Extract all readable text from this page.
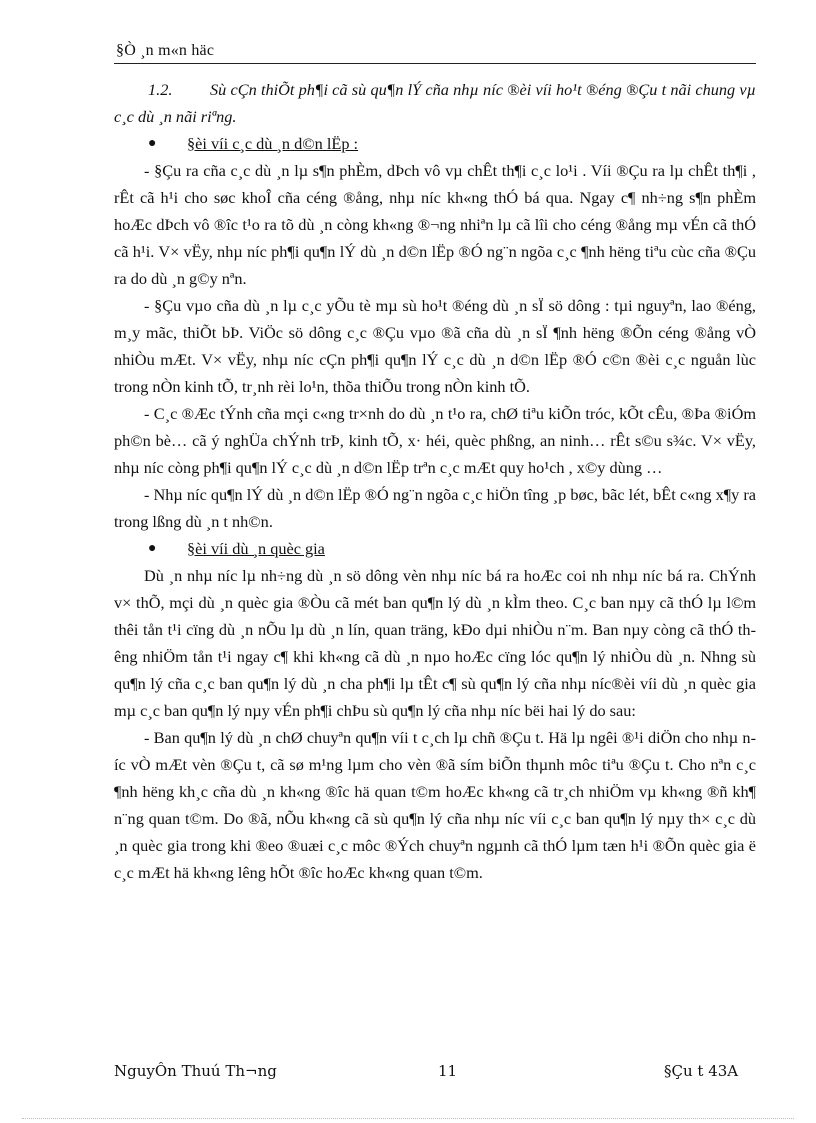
§Ò ¸n m«n häc

1.2. Sù cÇn thiÕt ph¶i cã sù qu¶n lÝ cña nhµ níc ®èi víi ho¹t ®éng ®Çu t nãi chung vµ c¸c dù ¸n nãi riªng.

● §èi víi c¸c dù ¸n d©n lËp :

- §Çu ra cña c¸c dù ¸n lµ s¶n phÈm, dÞch vô vµ chÊt th¶i c¸c lo¹i . Víi ®Çu ra lµ chÊt th¶i , rÊt cã h¹i cho søc khoÎ cña céng ®ång, nhµ níc kh«ng thÓ bá qua. Ngay c¶ nh÷ng s¶n phÈm hoÆc dÞch vô ®îc t¹o ra tõ dù ¸n còng kh«ng ®¬ng nhiªn lµ cã lîi cho céng ®ång mµ vÉn cã thÓ cã h¹i. V× vËy, nhµ níc ph¶i qu¶n lÝ dù ¸n d©n lËp ®Ó ng¨n ngõa c¸c ¶nh hëng tiªu cùc cña ®Çu ra do dù ¸n g©y nªn.

- §Çu vµo cña dù ¸n lµ c¸c yÕu tè mµ sù ho¹t ®éng dù ¸n sÏ sö dông : tµi nguyªn, lao ®éng, m¸y mãc, thiÕt bÞ. ViÖc sö dông c¸c ®Çu vµo ®ã cña dù ¸n sÏ ¶nh hëng ®Õn céng ®ång vÒ nhiÒu mÆt. V× vËy, nhµ níc cÇn ph¶i qu¶n lÝ c¸c dù ¸n d©n lËp ®Ó c©n ®èi c¸c nguån lùc trong nÒn kinh tÕ, tr¸nh rèi lo¹n, thõa thiÕu trong nÒn kinh tÕ.

- C¸c ®Æc tÝnh cña mçi c«ng tr×nh do dù ¸n t¹o ra, chØ tiªu kiÕn tróc, kÕt cÊu, ®Þa ®iÓm ph©n bè… cã ý nghÜa chÝnh trÞ, kinh tÕ, x· héi, quèc phßng, an ninh… rÊt s©u s¾c. V× vËy, nhµ níc còng ph¶i qu¶n lÝ c¸c dù ¸n d©n lËp trªn c¸c mÆt quy ho¹ch , x©y dùng …

- Nhµ níc qu¶n lÝ dù ¸n d©n lËp ®Ó ng¨n ngõa c¸c hiÖn tîng ¸p bøc, bãc lét, bÊt c«ng x¶y ra trong lßng dù ¸n t nh©n.

● §èi víi dù ¸n quèc gia

Dù ¸n nhµ níc lµ nh÷ng dù ¸n sö dông vèn nhµ níc bá ra hoÆc coi nh nhµ níc bá ra. ChÝnh v× thÕ, mçi dù ¸n quèc gia ®Òu cã mét ban qu¶n lý dù ¸n kÌm theo. C¸c ban nµy cã thÓ lµ l©m thêi tån t¹i cïng dù ¸n nÕu lµ dù ¸n lín, quan träng, kÐo dµi nhiÒu n¨m. Ban nµy còng cã thÓ thêng nhiÖm tån t¹i ngay c¶ khi kh«ng cã dù ¸n nµo hoÆc cïng lóc qu¶n lý nhiÒu dù ¸n. Nhng sù qu¶n lý cña c¸c ban qu¶n lý dù ¸n cha ph¶i lµ tÊt c¶ sù qu¶n lý cña nhµ níc®èi víi dù ¸n quèc gia mµ c¸c ban qu¶n lý nµy vÉn ph¶i chÞu sù qu¶n lý cña nhµ níc bëi hai lý do sau:

- Ban qu¶n lý dù ¸n chØ chuyªn qu¶n víi t c¸ch lµ chñ ®Çu t. Hä lµ ngêi ®¹i diÖn cho nhµ níc vÒ mÆt vèn ®Çu t, cã sø m¹ng lµm cho vèn ®ã sím biÕn thµnh môc tiªu ®Çu t. Cho nªn c¸c ¶nh hëng kh¸c cña dù ¸n kh«ng ®îc hä quan t©m hoÆc kh«ng cã tr¸ch nhiÖm vµ kh«ng ®ñ kh¶ n¨ng quan t©m. Do ®ã, nÕu kh«ng cã sù qu¶n lý cña nhµ níc víi c¸c ban qu¶n lý nµy th× c¸c dù ¸n quèc gia trong khi ®eo ®uæi c¸c môc ®Ých chuyªn ngµnh cã thÓ lµm tæn h¹i ®Õn quèc gia ë c¸c mÆt hä kh«ng lêng hÕt ®îc hoÆc kh«ng quan t©m.

NguyÔn Thuú Th¬ng	11	§Çu t 43A
